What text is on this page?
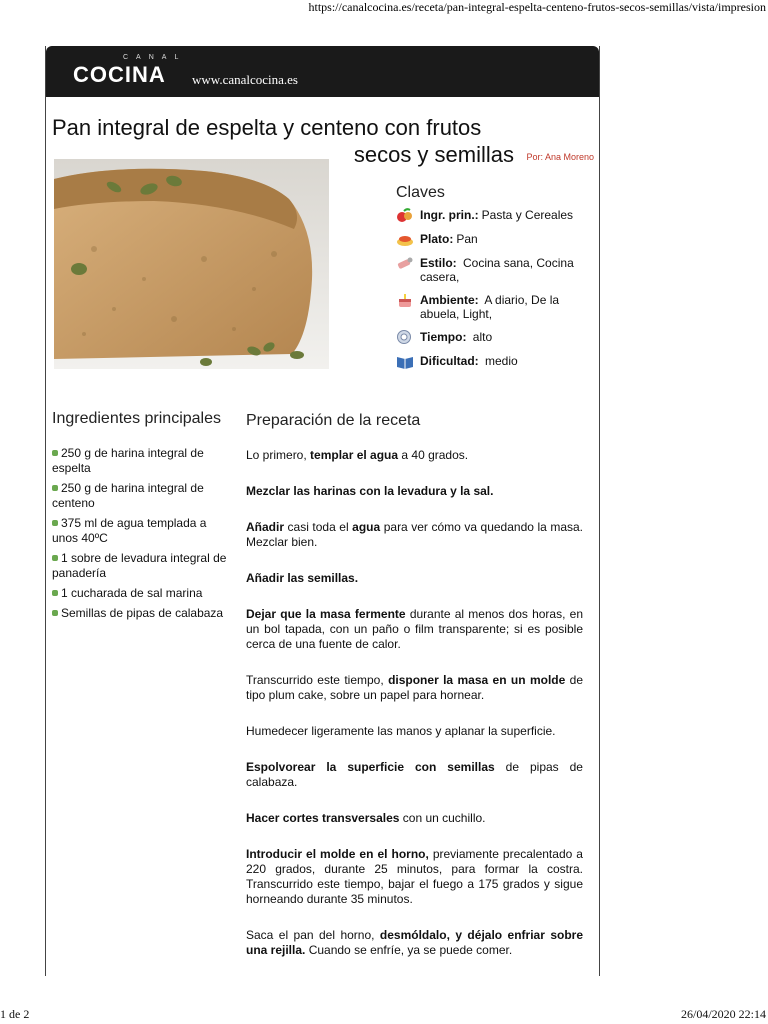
https://canalcocina.es/receta/pan-integral-espelta-centeno-frutos-secos-semillas/vista/impresion
CANAL
COCINA www.canalcocina.es
Pan integral de espelta y centeno con frutos
secos y semillas	Por: Ana Moreno
Claves
Ingr. prin.: Pasta y Cereales
Plato: Pan
Estilo: Cocina sana, Cocina casera,
Ambiente: A diario, De la abuela, Light,
Tiempo: alto
Dificultad: medio
Ingredientes principales
250 g de harina integral de espelta
250 g de harina integral de centeno
375 ml de agua templada a unos 40ºC
1 sobre de levadura integral de panadería
1 cucharada de sal marina
Semillas de pipas de calabaza
Preparación de la receta

Lo primero, templar el agua a 40 grados.

Mezclar las harinas con la levadura y la sal.

Añadir casi toda el agua para ver cómo va quedando la masa. Mezclar bien.

Añadir las semillas.

Dejar que la masa fermente durante al menos dos horas, en un bol tapada, con un paño o film transparente; si es posible cerca de una fuente de calor.

Transcurrido este tiempo, disponer la masa en un molde de tipo plum cake, sobre un papel para hornear.

Humedecer ligeramente las manos y aplanar la superficie.

Espolvorear la superficie con semillas de pipas de calabaza.

Hacer cortes transversales con un cuchillo.

Introducir el molde en el horno, previamente precalentado a 220 grados, durante 25 minutos, para formar la costra. Transcurrido este tiempo, bajar el fuego a 175 grados y sigue horneando durante 35 minutos.

Saca el pan del horno, desmóldalo, y déjalo enfriar sobre una rejilla. Cuando se enfríe, ya se puede comer.

1 de 2	26/04/2020 22:14
